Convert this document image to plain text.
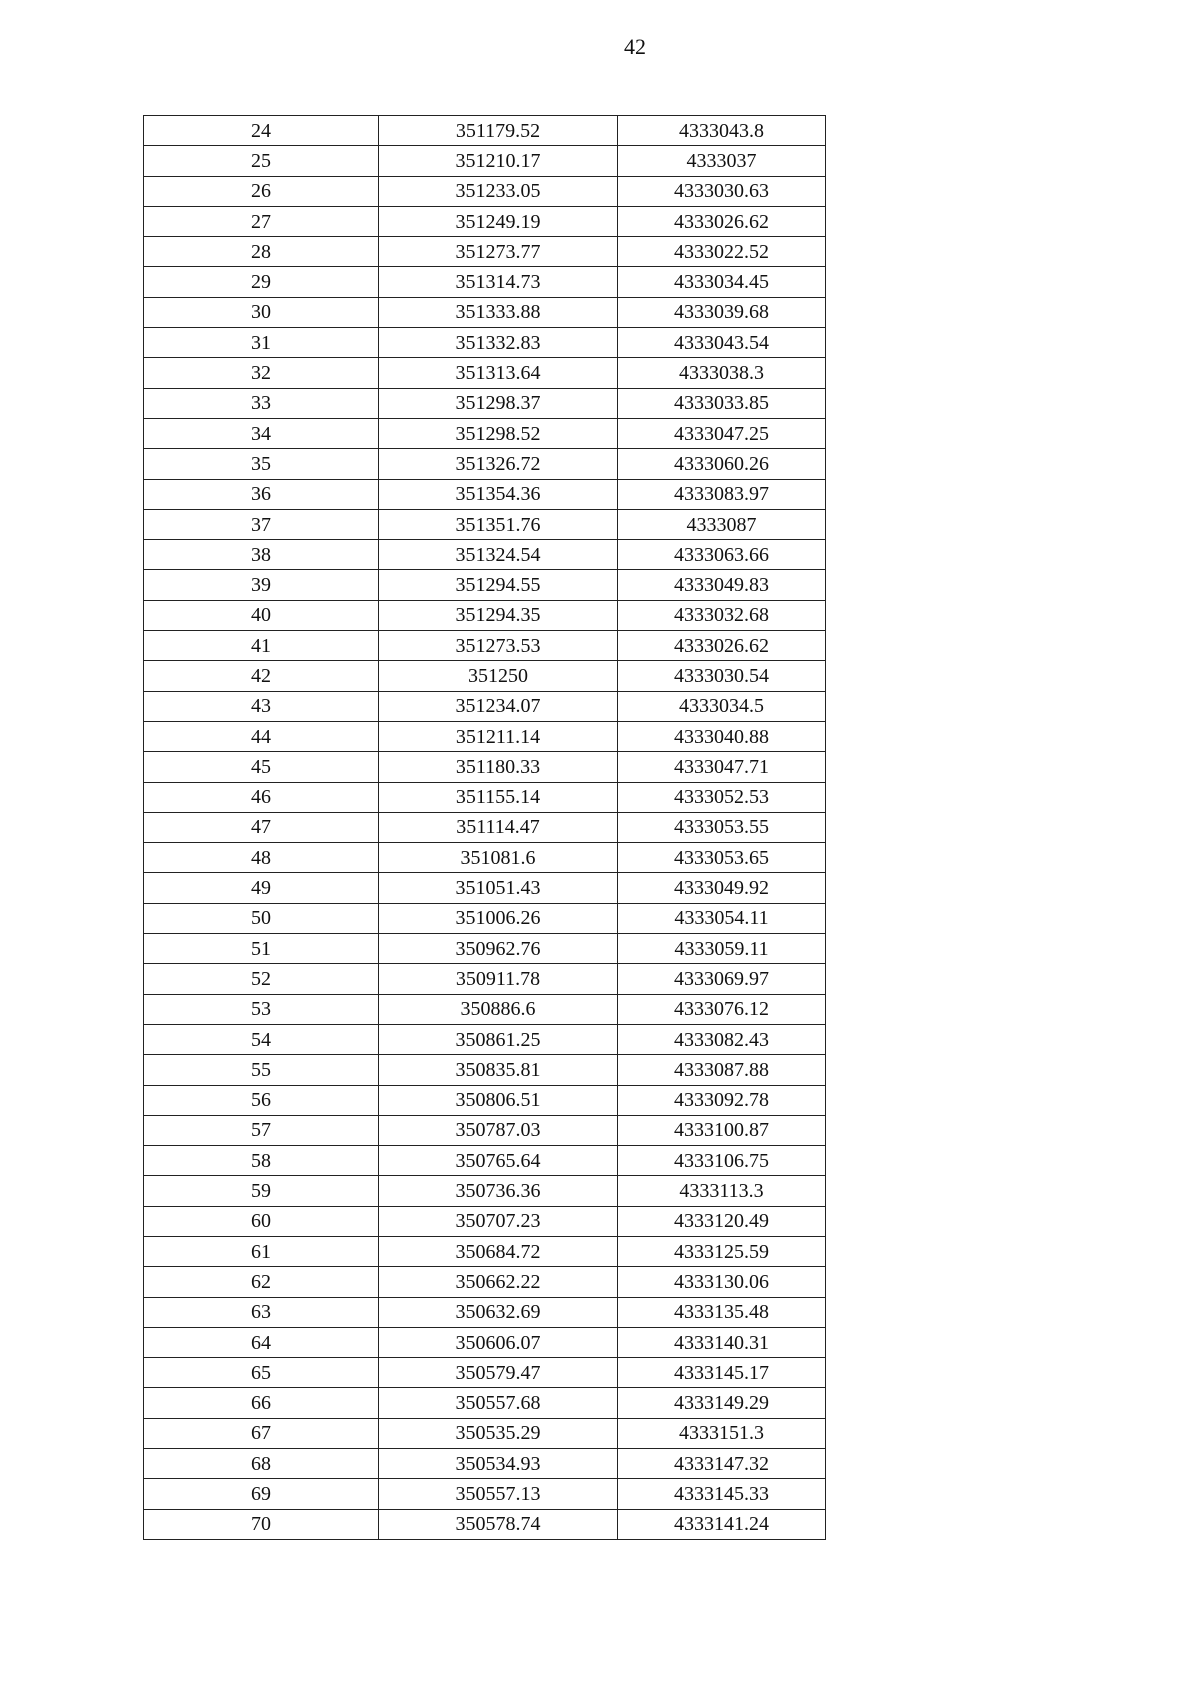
42
24	351179.52	4333043.8
25	351210.17	4333037
26	351233.05	4333030.63
27	351249.19	4333026.62
28	351273.77	4333022.52
29	351314.73	4333034.45
30	351333.88	4333039.68
31	351332.83	4333043.54
32	351313.64	4333038.3
33	351298.37	4333033.85
34	351298.52	4333047.25
35	351326.72	4333060.26
36	351354.36	4333083.97
37	351351.76	4333087
38	351324.54	4333063.66
39	351294.55	4333049.83
40	351294.35	4333032.68
41	351273.53	4333026.62
42	351250	4333030.54
43	351234.07	4333034.5
44	351211.14	4333040.88
45	351180.33	4333047.71
46	351155.14	4333052.53
47	351114.47	4333053.55
48	351081.6	4333053.65
49	351051.43	4333049.92
50	351006.26	4333054.11
51	350962.76	4333059.11
52	350911.78	4333069.97
53	350886.6	4333076.12
54	350861.25	4333082.43
55	350835.81	4333087.88
56	350806.51	4333092.78
57	350787.03	4333100.87
58	350765.64	4333106.75
59	350736.36	4333113.3
60	350707.23	4333120.49
61	350684.72	4333125.59
62	350662.22	4333130.06
63	350632.69	4333135.48
64	350606.07	4333140.31
65	350579.47	4333145.17
66	350557.68	4333149.29
67	350535.29	4333151.3
68	350534.93	4333147.32
69	350557.13	4333145.33
70	350578.74	4333141.24
